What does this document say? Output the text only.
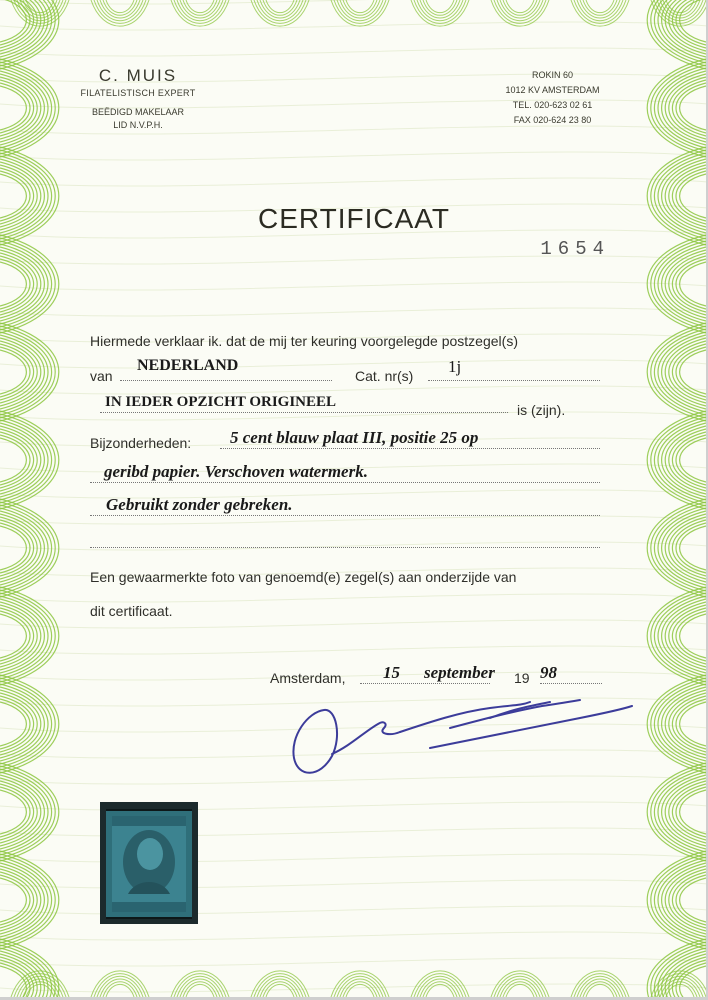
C. MUIS
FILATELISTISCH EXPERT
BEËDIGD MAKELAAR
LID N.V.P.H.
ROKIN 60
1012 KV AMSTERDAM
TEL. 020-623 02 61
FAX 020-624 23 80
CERTIFICAAT
1654
Hiermede verklaar ik. dat de mij ter keuring voorgelegde postzegel(s)
van
NEDERLAND
Cat. nr(s) 1j
IN IEDER OPZICHT ORIGINEEL	is (zijn).
Bijzonderheden: 5 cent blauw plaat III, positie 25 op
geribd papier. Verschoven watermerk.
Gebruikt zonder gebreken.
Een gewaarmerkte foto van genoemd(e) zegel(s) aan onderzijde van
dit certificaat.
Amsterdam, 15 september 19 98
